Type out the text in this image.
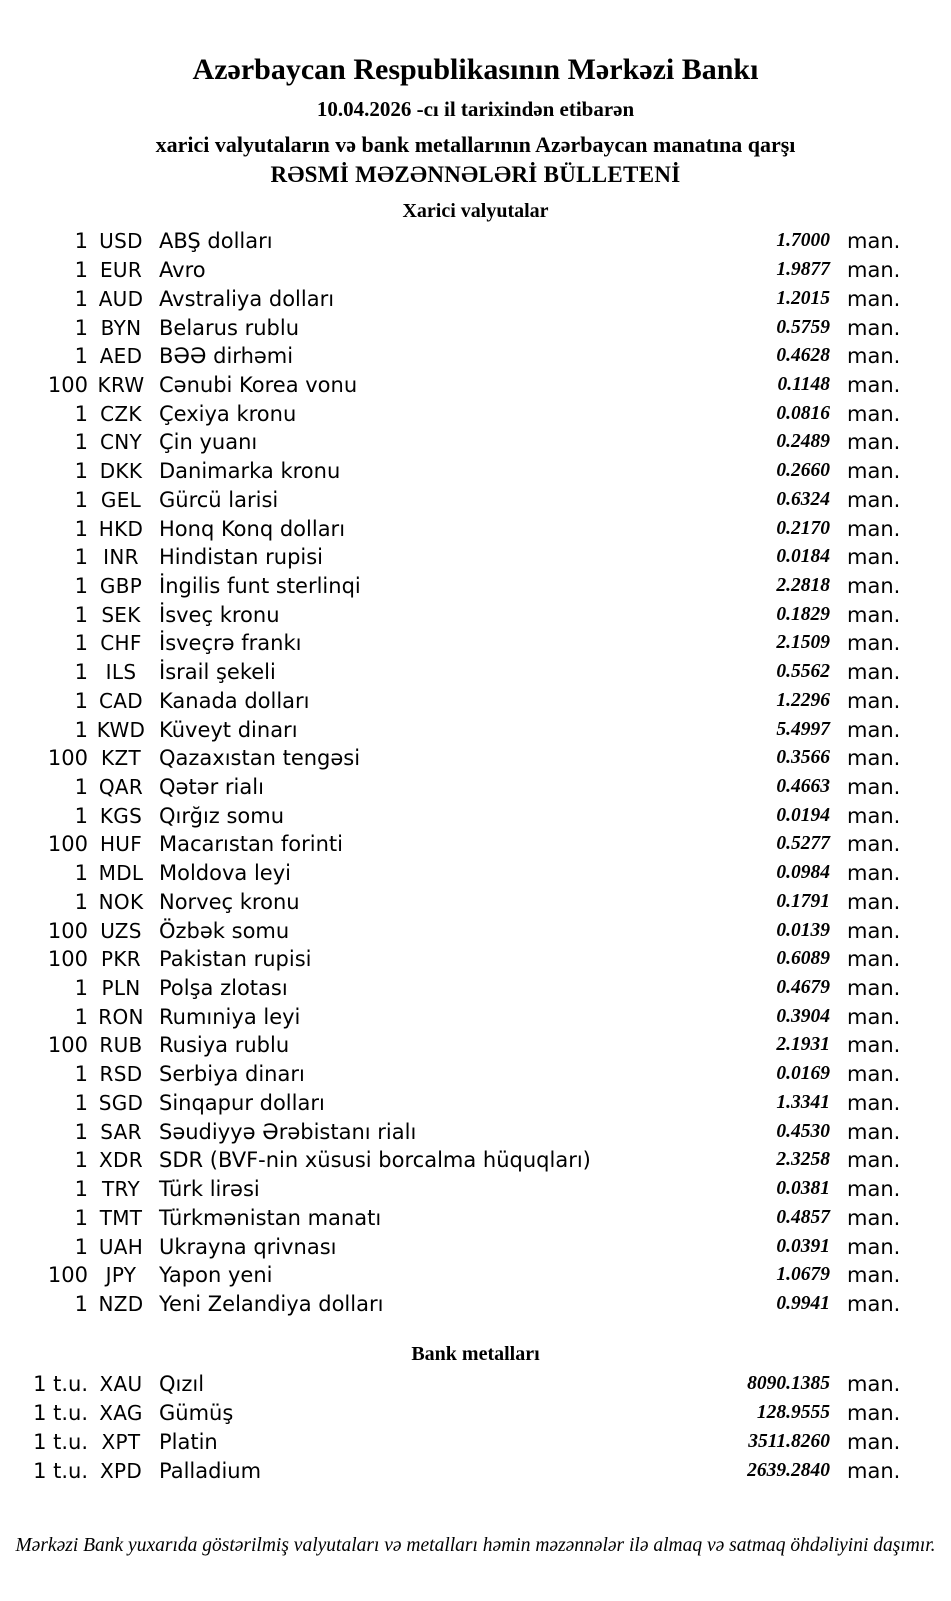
Azərbaycan Respublikasının Mərkəzi Bankı
10.04.2026 -cı il tarixindən etibarən
xarici valyutaların və bank metallarının Azərbaycan manatına qarşı
RƏSMİ MƏZƏNNƏLƏRİ BÜLLETENİ
Xarici valyutalar
1 USD ABŞ dolları	1.7000 man.
1 EUR Avro	1.9877 man.
1 AUD Avstraliya dolları	1.2015 man.
1 BYN Belarus rublu	0.5759 man.
1 AED BƏƏ dirhəmi	0.4628 man.
100 KRW Cənubi Korea vonu	0.1148 man.
1 CZK Çexiya kronu	0.0816 man.
1 CNY Çin yuanı	0.2489 man.
1 DKK Danimarka kronu	0.2660 man.
1 GEL Gürcü larisi	0.6324 man.
1 HKD Honq Konq dolları	0.2170 man.
1 INR Hindistan rupisi	0.0184 man.
1 GBP İngilis funt sterlinqi	2.2818 man.
1 SEK İsveç kronu	0.1829 man.
1 CHF İsveçrə frankı	2.1509 man.
1 ILS	İsrail şekeli	0.5562 man.
1 CAD Kanada dolları	1.2296 man.
1 KWD Küveyt dinarı	5.4997 man.
100 KZT Qazaxıstan tengəsi	0.3566 man.
1 QAR Qətər rialı	0.4663 man.
1 KGS Qırğız somu	0.0194 man.
100 HUF Macarıstan forinti	0.5277 man.
1 MDL Moldova leyi	0.0984 man.
1 NOK Norveç kronu	0.1791 man.
100 UZS Özbək somu	0.0139 man.
100 PKR Pakistan rupisi	0.6089 man.
1 PLN Polşa zlotası	0.4679 man.
1 RON Rumıniya leyi	0.3904 man.
100 RUB Rusiya rublu	2.1931 man.
1 RSD Serbiya dinarı	0.0169 man.
1 SGD Sinqapur dolları	1.3341 man.
1 SAR Səudiyyə Ərəbistanı rialı	0.4530 man.
1 XDR SDR (BVF-nin xüsusi borcalma hüquqları)	2.3258 man.
1 TRY Türk lirəsi	0.0381 man.
1 TMT Türkmənistan manatı	0.4857 man.
1 UAH Ukrayna qrivnası	0.0391 man.
100 JPY	Yapon yeni	1.0679 man.
1 NZD Yeni Zelandiya dolları	0.9941 man.
Bank metalları
1 t.u. XAU Qızıl	8090.1385 man.
1 t.u. XAG Gümüş	128.9555 man.
1 t.u. XPT Platin	3511.8260 man.
1 t.u. XPD Palladium	2639.2840 man.
Mərkəzi Bank yuxarıda göstərilmiş valyutaları və metalları həmin məzənnələr ilə almaq və satmaq öhdəliyini daşımır.
